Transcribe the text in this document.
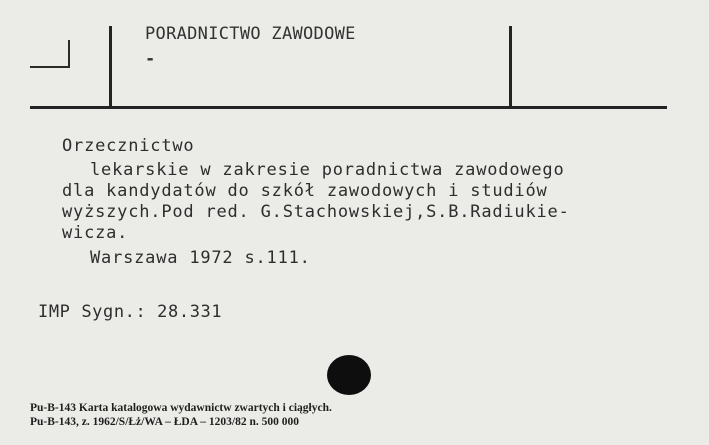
PORADNICTWO ZAWODOWE
-
Orzecznictwo
lekarskie w zakresie poradnictwa zawodowego
dla kandydatów do szkół zawodowych i studiów
wyższych.Pod red. G.Stachowskiej,S.B.Radiukie-
wicza.
Warszawa 1972 s.111.
IMP Sygn.: 28.331
Pu-B-143 Karta katalogowa wydawnictw zwartych i ciągłych.
Pu-B-143, z. 1962/S/Łż/WA – ŁDA – 1203/82 n. 500 000
